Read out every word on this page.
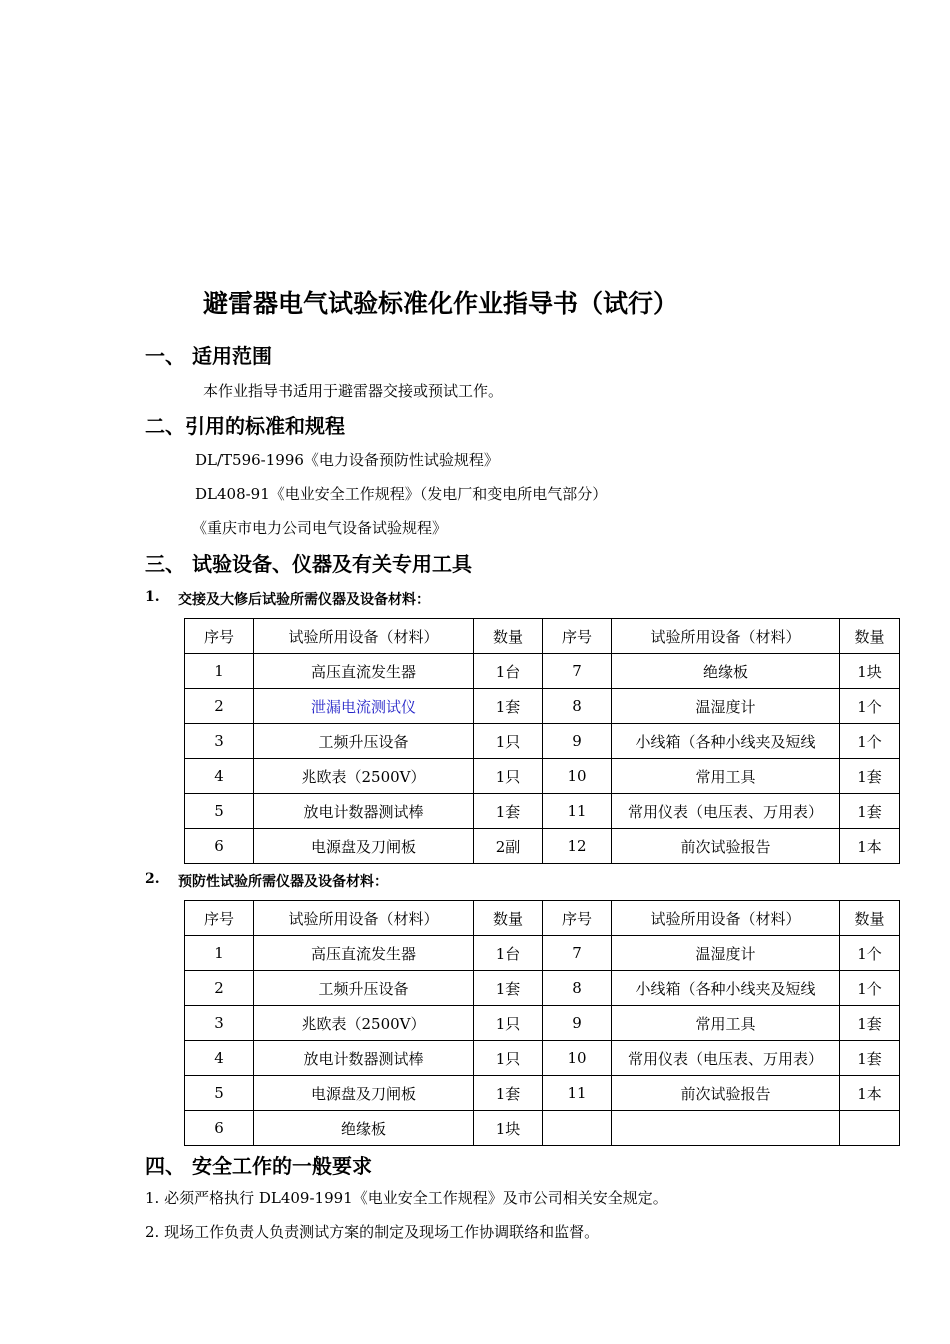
避雷器电气试验标准化作业指导书（试行）
一、 适用范围
本作业指导书适用于避雷器交接或预试工作。
二、引用的标准和规程
DL/T596-1996《电力设备预防性试验规程》
DL408-91《电业安全工作规程》（发电厂和变电所电气部分）
《重庆市电力公司电气设备试验规程》
三、 试验设备、仪器及有关专用工具
1. 交接及大修后试验所需仪器及设备材料：
序号	试验所用设备（材料）	数量	序号	试验所用设备（材料）	数量
1	高压直流发生器	1台	7	绝缘板	1块
2	泄漏电流测试仪	1套	8	温湿度计	1个
3	工频升压设备	1只	9	小线箱（各种小线夹及短线	1个
4	兆欧表（2500V）	1只	10	常用工具	1套
5	放电计数器测试棒	1套	11	常用仪表（电压表、万用表）	1套
6	电源盘及刀闸板	2副	12	前次试验报告	1本
2. 预防性试验所需仪器及设备材料：
序号	试验所用设备（材料）	数量	序号	试验所用设备（材料）	数量
1	高压直流发生器	1台	7	温湿度计	1个
2	工频升压设备	1套	8	小线箱（各种小线夹及短线	1个
3	兆欧表（2500V）	1只	9	常用工具	1套
4	放电计数器测试棒	1只	10	常用仪表（电压表、万用表）	1套
5	电源盘及刀闸板	1套	11	前次试验报告	1本
6	绝缘板	1块			
四、 安全工作的一般要求
1. 必须严格执行 DL409-1991《电业安全工作规程》及市公司相关安全规定。
2. 现场工作负责人负责测试方案的制定及现场工作协调联络和监督。
